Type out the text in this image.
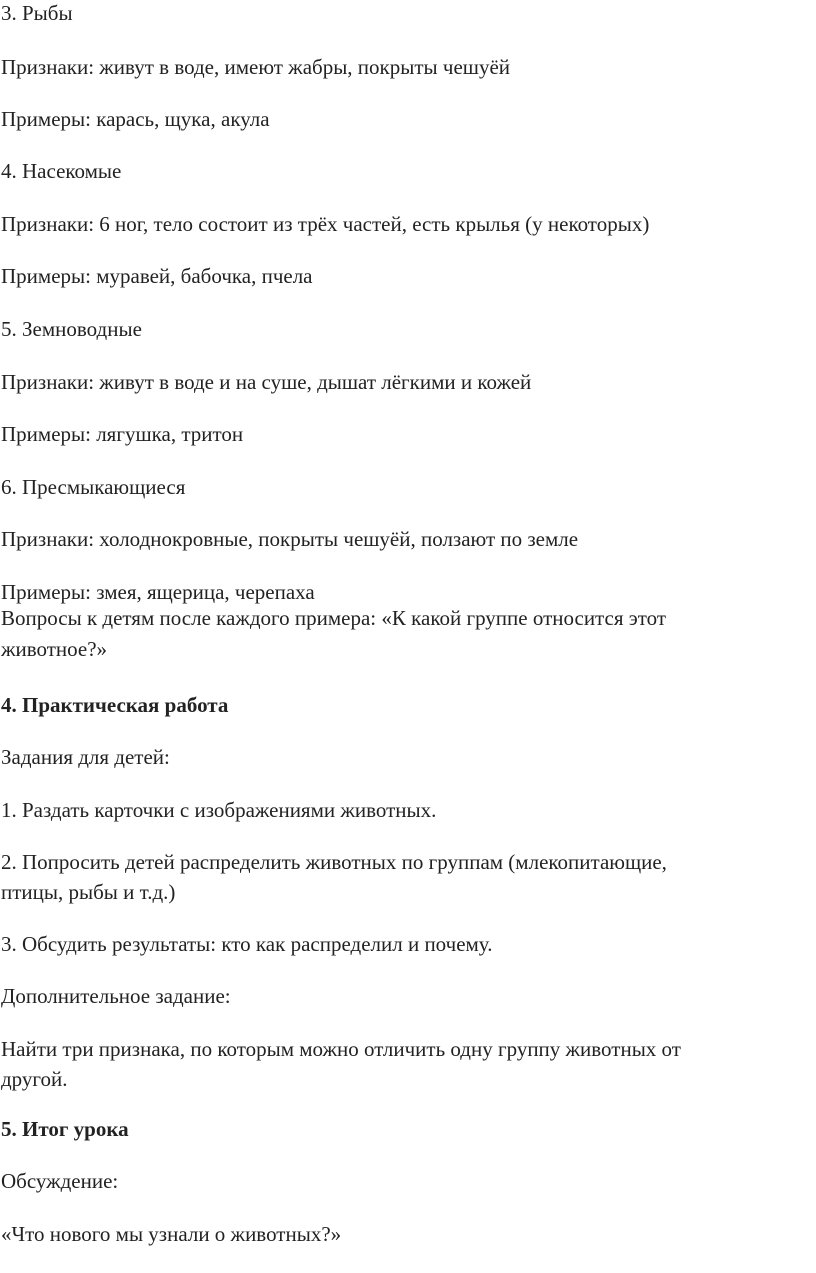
3. Рыбы

Признаки: живут в воде, имеют жабры, покрыты чешуёй

Примеры: карась, щука, акула

4. Насекомые

Признаки: 6 ног, тело состоит из трёх частей, есть крылья (у некоторых)

Примеры: муравей, бабочка, пчела

5. Земноводные

Признаки: живут в воде и на суше, дышат лёгкими и кожей

Примеры: лягушка, тритон

6. Пресмыкающиеся

Признаки: холоднокровные, покрыты чешуёй, ползают по земле

Примеры: змея, ящерица, черепаха

Вопросы к детям после каждого примера: «К какой группе относится этот

животное?»

4. Практическая работа

Задания для детей:

1. Раздать карточки с изображениями животных.

2. Попросить детей распределить животных по группам (млекопитающие,

птицы, рыбы и т.д.)

3. Обсудить результаты: кто как распределил и почему.

Дополнительное задание:

Найти три признака, по которым можно отличить одну группу животных от

другой.

5. Итог урока

Обсуждение:

«Что нового мы узнали о животных?»
